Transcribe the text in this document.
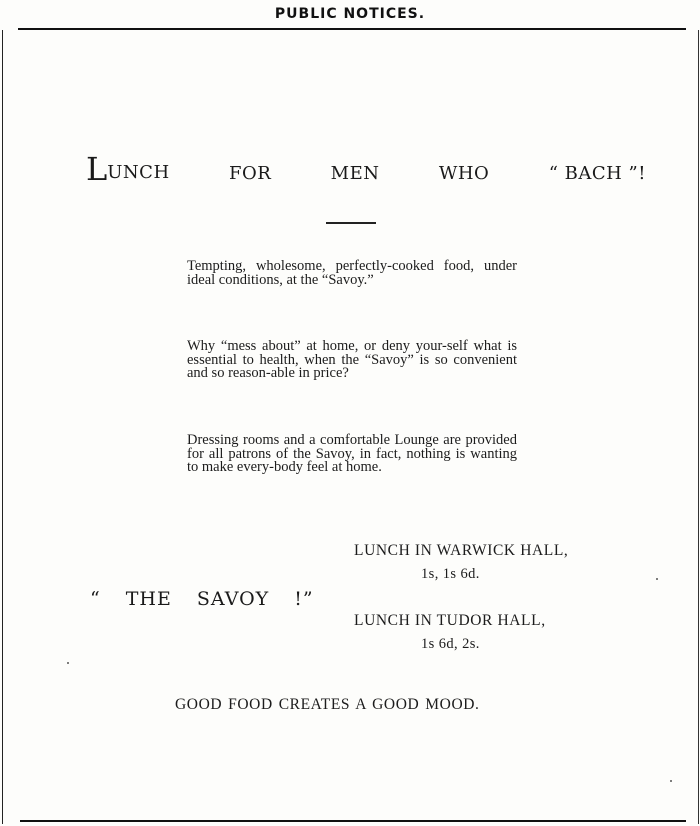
PUBLIC NOTICES.
LUNCH	FOR	MEN	WHO	“ BACH ”!
Tempting, wholesome, perfectly-cooked food, under ideal conditions, at the “Savoy.”
Why “mess about” at home, or deny your-self what is essential to health, when the “Savoy” is so convenient and so reason-able in price?
Dressing rooms and a comfortable Lounge are provided for all patrons of the Savoy, in fact, nothing is wanting to make every-body feel at home.
LUNCH IN WARWICK HALL,
1s, 1s 6d.
“ THE SAVOY !”
LUNCH IN TUDOR HALL,
1s 6d, 2s.
GOOD FOOD CREATES A GOOD MOOD.
